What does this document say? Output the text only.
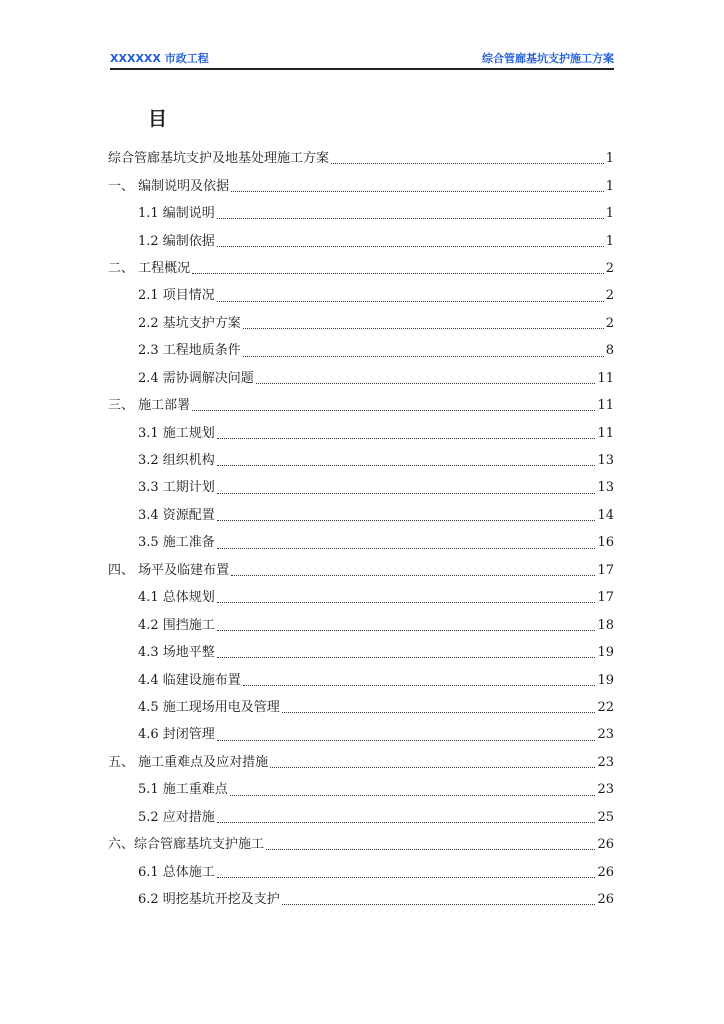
XXXXXX 市政工程	综合管廊基坑支护施工方案
目
综合管廊基坑支护及地基处理施工方案	1
一、 编制说明及依据	1
1.1 编制说明	1
1.2 编制依据	1
二、 工程概况	2
2.1 项目情况	2
2.2 基坑支护方案	2
2.3 工程地质条件	8
2.4 需协调解决问题	11
三、 施工部署	11
3.1 施工规划	11
3.2 组织机构	13
3.3 工期计划	13
3.4 资源配置	14
3.5 施工准备	16
四、 场平及临建布置	17
4.1 总体规划	17
4.2 围挡施工	18
4.3 场地平整	19
4.4 临建设施布置	19
4.5 施工现场用电及管理	22
4.6 封闭管理	23
五、 施工重难点及应对措施	23
5.1 施工重难点	23
5.2 应对措施	25
六、综合管廊基坑支护施工	26
6.1 总体施工	26
6.2 明挖基坑开挖及支护	26
